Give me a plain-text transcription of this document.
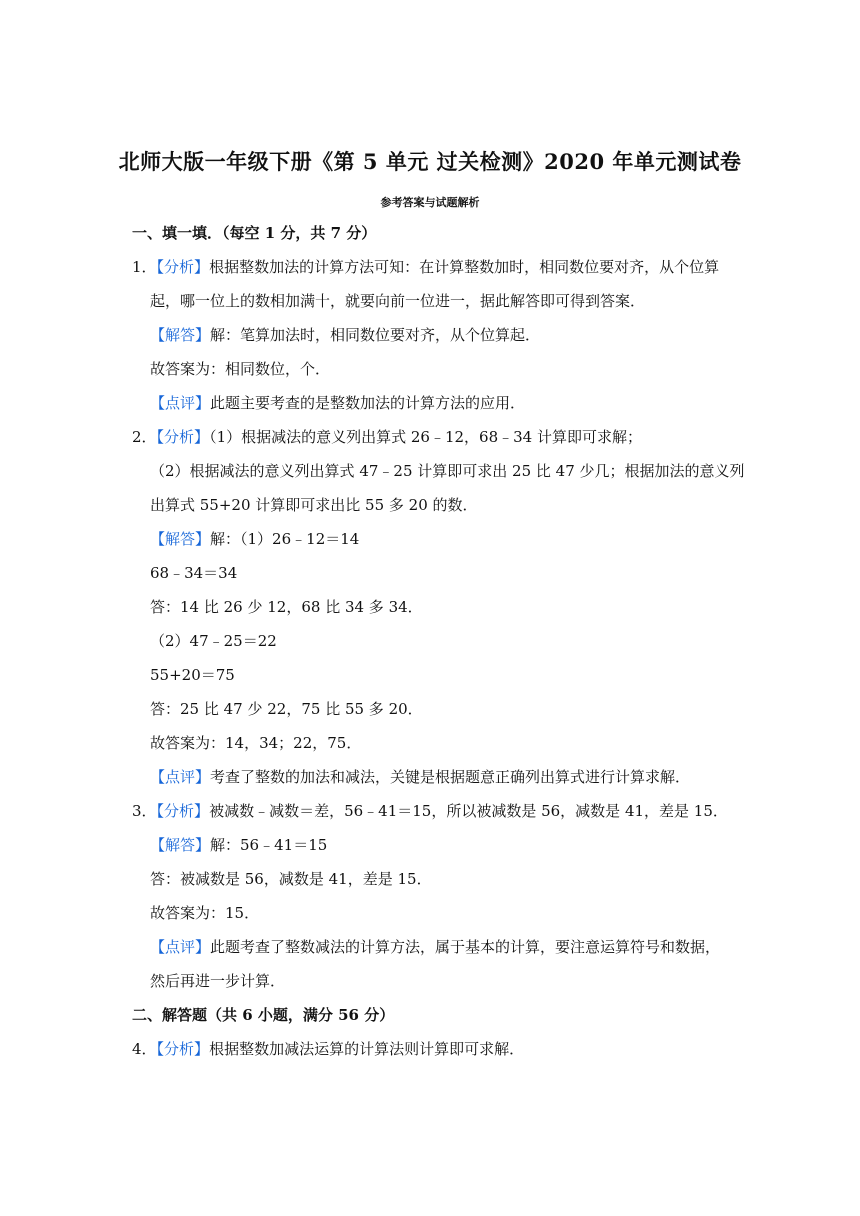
北师大版一年级下册《第 5 单元 过关检测》2020 年单元测试卷
参考答案与试题解析
一、填一填．（每空 1 分，共 7 分）
1．【分析】根据整数加法的计算方法可知：在计算整数加时，相同数位要对齐，从个位算
起，哪一位上的数相加满十，就要向前一位进一，据此解答即可得到答案．
【解答】解：笔算加法时，相同数位要对齐，从个位算起．
故答案为：相同数位，个．
【点评】此题主要考查的是整数加法的计算方法的应用．
2．【分析】（1）根据减法的意义列出算式 26﹣12，68﹣34 计算即可求解；
（2）根据减法的意义列出算式 47﹣25 计算即可求出 25 比 47 少几；根据加法的意义列
出算式 55+20 计算即可求出比 55 多 20 的数．
【解答】解：（1）26﹣12＝14
68﹣34＝34
答：14 比 26 少 12，68 比 34 多 34．
（2）47﹣25＝22
55+20＝75
答：25 比 47 少 22，75 比 55 多 20．
故答案为：14，34；22，75．
【点评】考查了整数的加法和减法，关键是根据题意正确列出算式进行计算求解．
3．【分析】被减数﹣减数＝差，56﹣41＝15，所以被减数是 56，减数是 41，差是 15．
【解答】解：56﹣41＝15
答：被减数是 56，减数是 41，差是 15．
故答案为：15．
【点评】此题考查了整数减法的计算方法，属于基本的计算，要注意运算符号和数据，
然后再进一步计算．
二、解答题（共 6 小题，满分 56 分）
4．【分析】根据整数加减法运算的计算法则计算即可求解．
